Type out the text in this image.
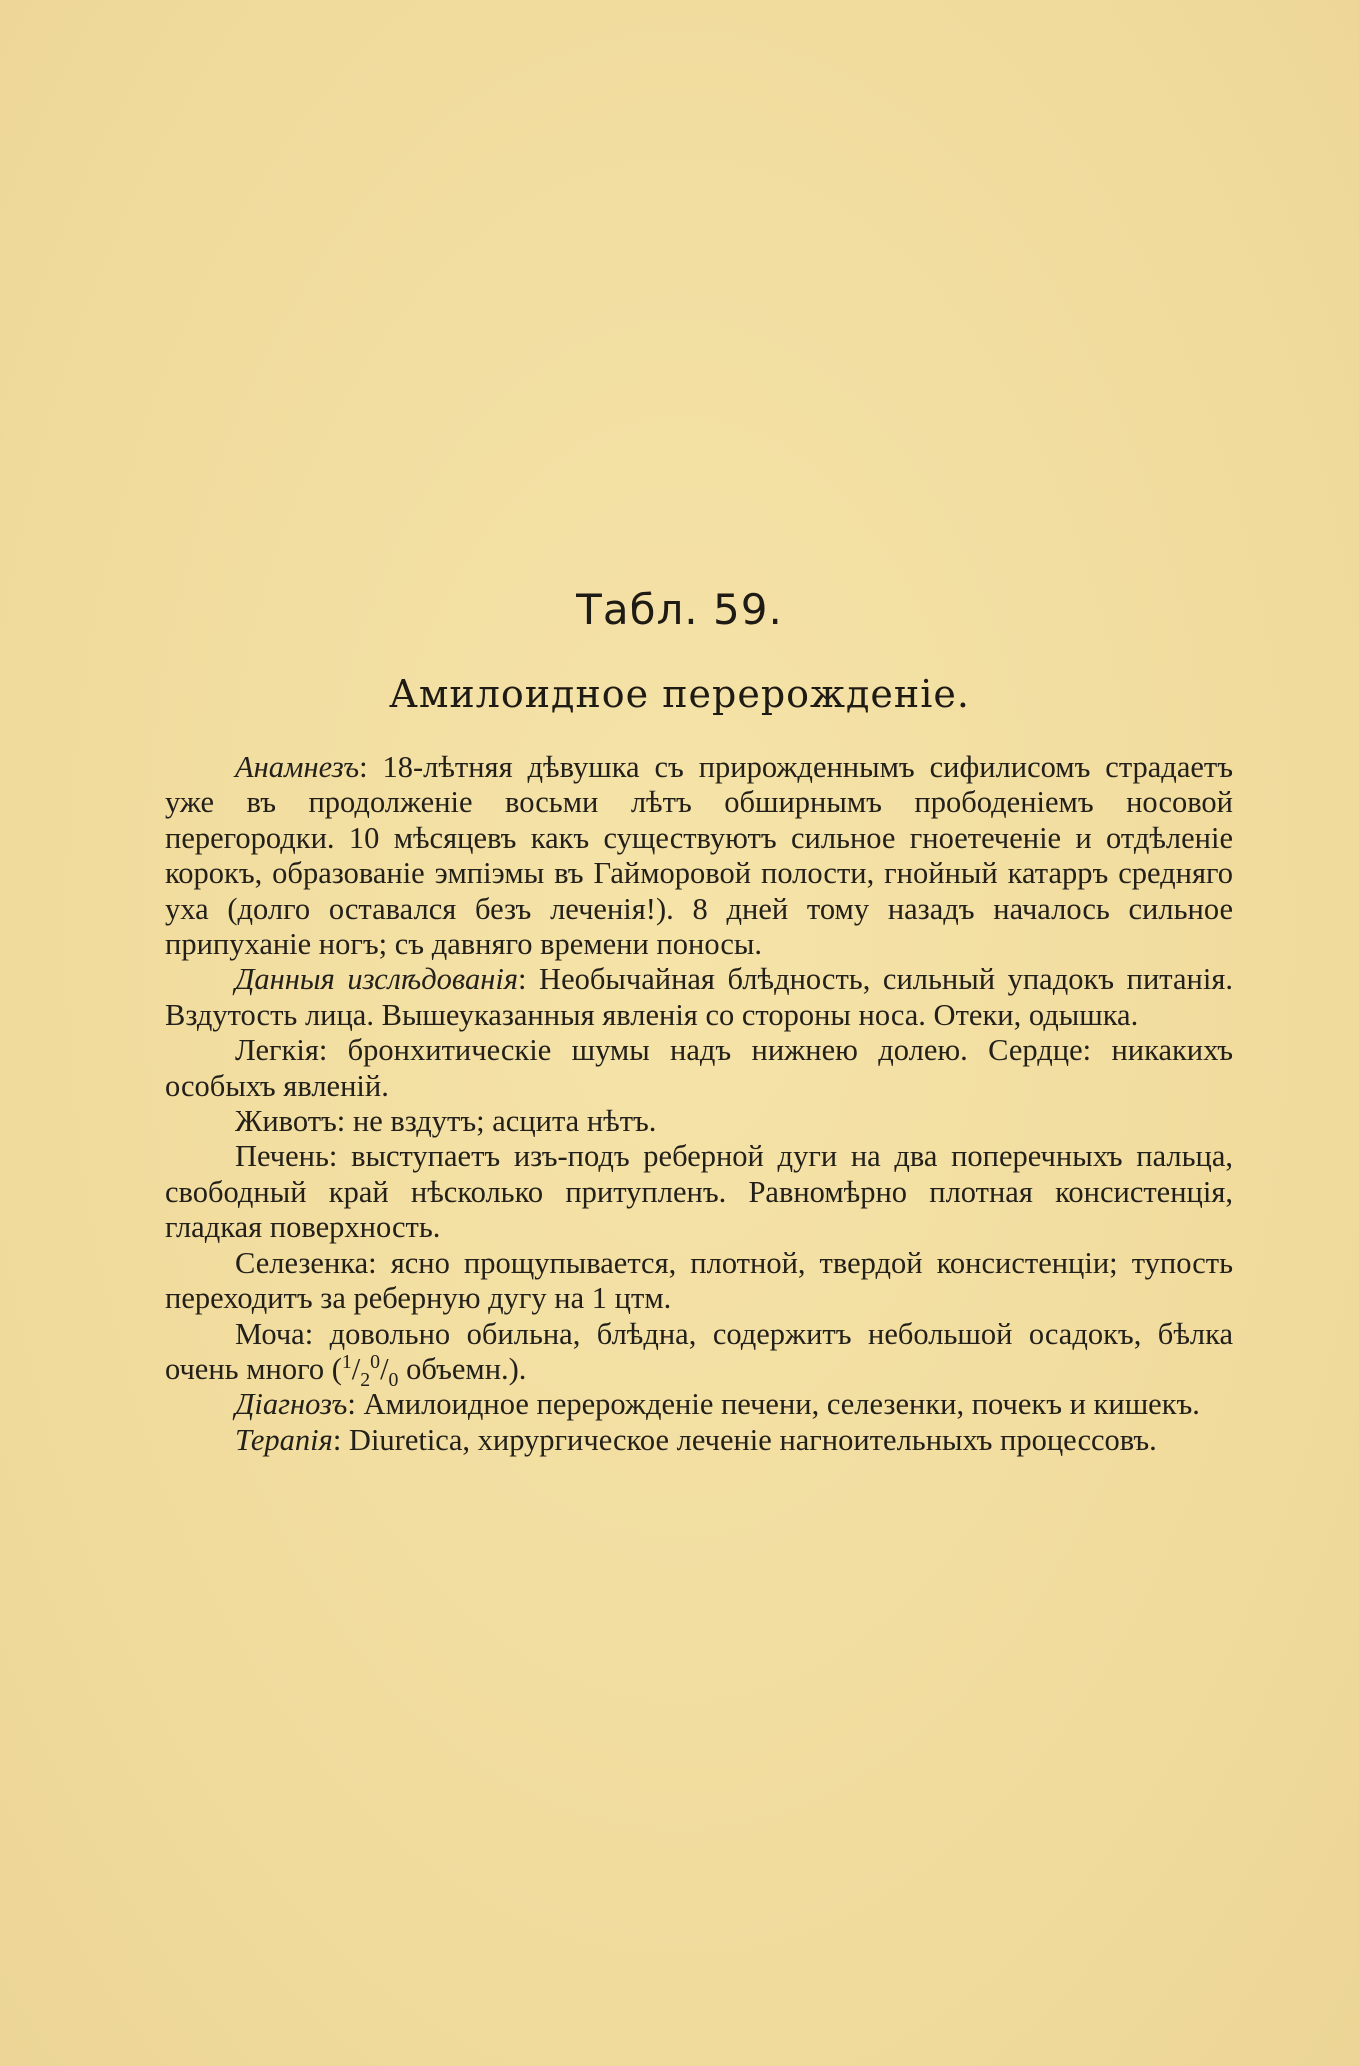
Табл. 59.
Амилоидное перерожденіе.

Анамнезъ: 18-лѣтняя дѣвушка съ прирожденнымъ сифилисомъ страдаетъ уже въ продолженіе восьми лѣтъ обширнымъ прободеніемъ носовой перегородки. 10 мѣсяцевъ какъ существуютъ сильное гноетеченіе и отдѣленіе корокъ, образованіе эмпіэмы въ Гайморовой полости, гнойный катарръ средняго уха (долго оставался безъ леченія!). 8 дней тому назадъ началось сильное припуханіе ногъ; съ давняго времени поносы.

Данныя изслѣдованія: Необычайная блѣдность, сильный упадокъ питанія. Вздутость лица. Вышеуказанныя явленія со стороны носа. Отеки, одышка.

Легкія: бронхитическіе шумы надъ нижнею долею. Сердце: никакихъ особыхъ явленій.

Животъ: не вздутъ; асцита нѣтъ.

Печень: выступаетъ изъ-подъ реберной дуги на два поперечныхъ пальца, свободный край нѣсколько притупленъ. Равномѣрно плотная консистенція, гладкая поверхность.

Селезенка: ясно прощупывается, плотной, твердой консистенціи; тупость переходитъ за реберную дугу на 1 цтм.

Моча: довольно обильна, блѣдна, содержитъ небольшой осадокъ, бѣлка очень много ($^1/_2^0/_0$ объемн.).

Діагнозъ: Амилоидное перерожденіе печени, селезенки, почекъ и кишекъ.

Терапія: Diuretica, хирургическое леченіе нагноительныхъ процессовъ.
